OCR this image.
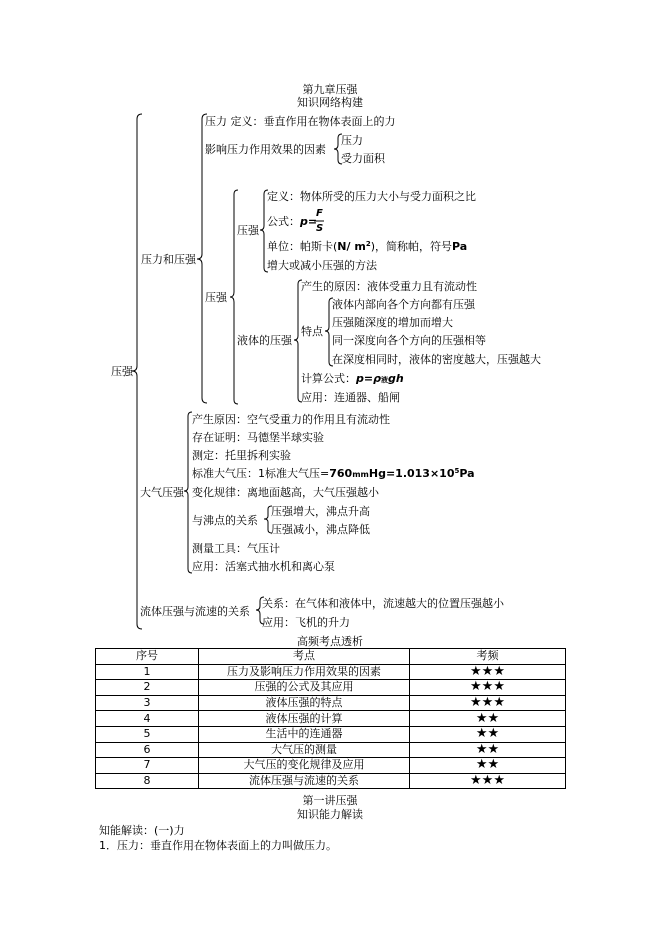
第九章压强
知识网络构建
压强
压力和压强
压力 定义：垂直作用在物体表面上的力
影响压力作用效果的因素
压力
受力面积
压强
压强
定义：物体所受的压力大小与受力面积之比
公式：p=
F
S
单位：帕斯卡(N/ $m^2$)，简称帕，符号Pa
增大或减小压强的方法
液体的压强
产生的原因：液体受重力且有流动性
特点
液体内部向各个方向都有压强
压强随深度的增加而增大
同一深度向各个方向的压强相等
在深度相同时，液体的密度越大，压强越大
计算公式：p=ρ液gh
应用：连通器、船闸
大气压强
产生原因：空气受重力的作用且有流动性
存在证明：马德堡半球实验
测定：托里拆利实验
标准大气压：1标准大气压$=760mmHg=1.013\times 10^5Pa$
变化规律：离地面越高，大气压强越小
与沸点的关系
压强增大，沸点升高
压强减小，沸点降低
测量工具：气压计
应用：活塞式抽水机和离心泵
流体压强与流速的关系
关系：在气体和液体中，流速越大的位置压强越小
应用：飞机的升力
高频考点透析
序号	考点	考频
1	压力及影响压力作用效果的因素	★★★
2	压强的公式及其应用	★★★
3	液体压强的特点	★★★
4	液体压强的计算	★★
5	生活中的连通器	★★
6	大气压的测量	★★
7	大气压的变化规律及应用	★★
8	流体压强与流速的关系	★★★
第一讲压强
知识能力解读
知能解读：(一)力
1．压力：垂直作用在物体表面上的力叫做压力。
